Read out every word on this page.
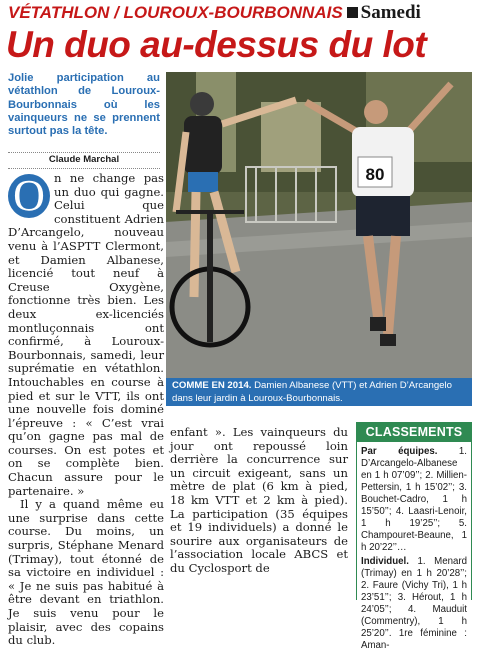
VÉTATHLON / LOUROUX-BOURBONNAIS Samedi
Un duo au-dessus du lot
Jolie participation au vétathlon de Louroux-Bourbonnais où les vainqueurs ne se prennent surtout pas la tête.
Claude Marchal
O n ne change pas un duo qui gagne. Celui que constituent Adrien D’Arcangelo, nouveau venu à l’ASPTT Clermont, et Damien Albanese, licencié tout neuf à Creuse Oxygène, fonctionne très bien. Les deux ex-licenciés montluçonnais ont confirmé, à Louroux-Bourbonnais, samedi, leur suprématie en vétathlon. Intouchables en course à pied et sur le VTT, ils ont une nouvelle fois dominé l’épreuve : « C’est vrai qu’on gagne pas mal de courses. On est potes et on se complète bien. Chacun assure pour le partenaire. »

Il y a quand même eu une surprise dans cette course. Du moins, un surpris, Stéphane Menard (Trimay), tout étonné de sa victoire en individuel : « Je ne suis pas habitué à être devant en triathlon. Je suis venu pour le plaisir, avec des copains du club.

80
COMME EN 2014. Damien Albanese (VTT) et Adrien D’Arcangelo dans leur jardin à Louroux-Bourbonnais.

enfant ». Les vainqueurs du jour ont repoussé loin derrière la concurrence sur un circuit exigeant, sans un mètre de plat (6 km à pied, 18 km VTT et 2 km à pied). La participation (35 équipes et 19 individuels) a donné le sourire aux organisateurs de l’association locale ABCS et du Cyclosport de

CLASSEMENTS

Par équipes. 1. D’Arcangelo-Albanese en 1 h 07’09’’; 2. Millien-Pettersin, 1 h 15’02’’; 3. Bouchet-Cadro, 1 h 15’50’’; 4. Laasri-Lenoir, 1 h 19’25’’; 5. Champouret-Beaune, 1 h 20’22’’…

Individuel. 1. Menard (Trimay) en 1 h 20’28’’; 2. Faure (Vichy Tri), 1 h 23’51’’; 3. Hérout, 1 h 24’05’’; 4. Mauduit (Commentry), 1 h 25’20’’. 1re féminine : Aman-
